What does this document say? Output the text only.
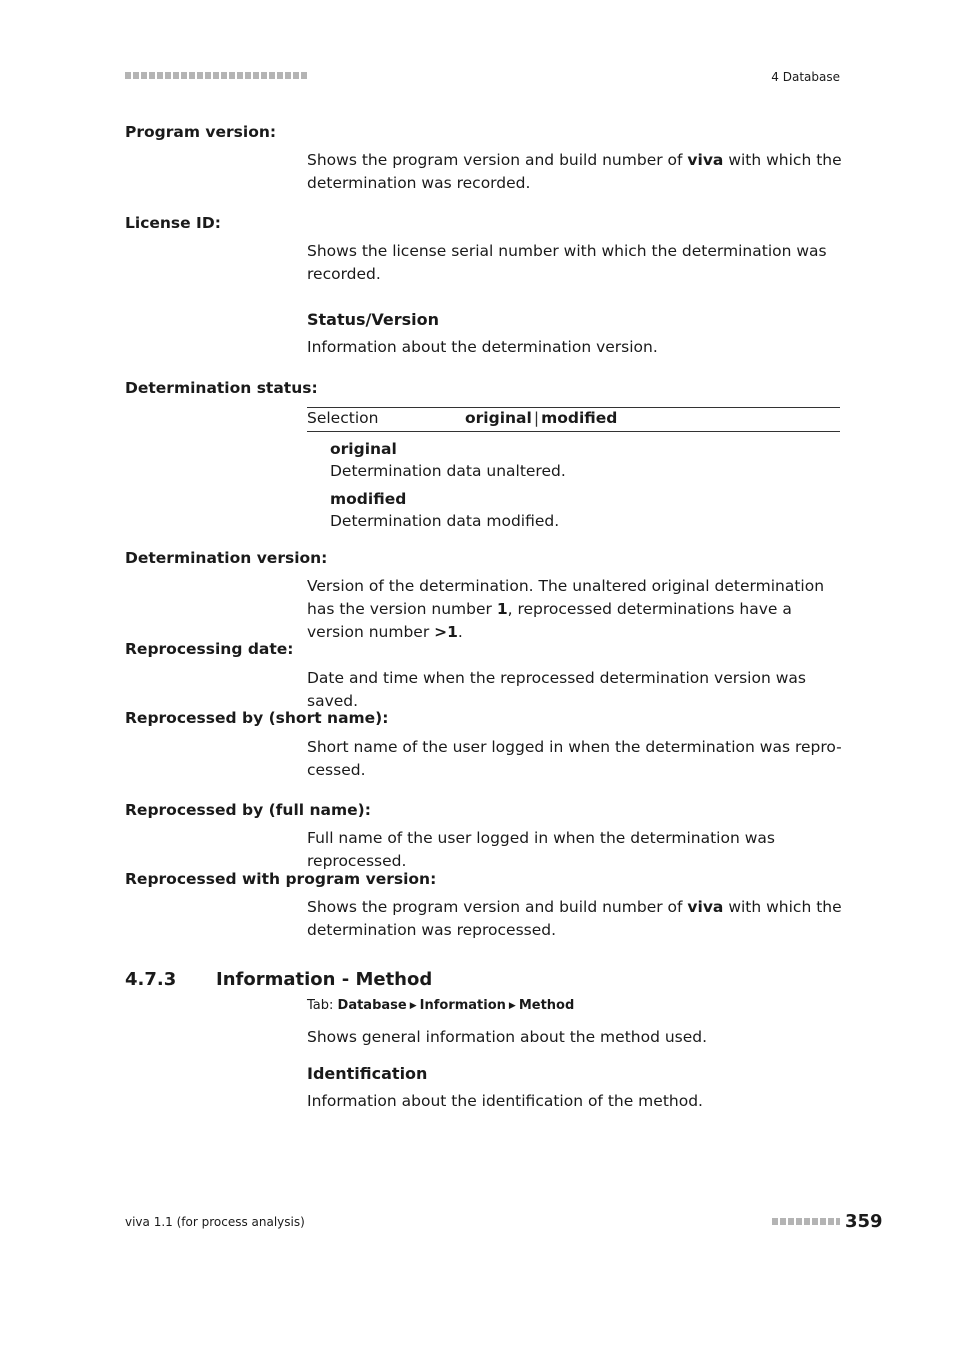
4 Database
Program version:
Shows the program version and build number of viva with which the determination was recorded.
License ID:
Shows the license serial number with which the determination was recorded.
Status/Version
Information about the determination version.
Determination status:
Selection	original | modified
original
Determination data unaltered.
modified
Determination data modified.
Determination version:
Version of the determination. The unaltered original determination has the version number 1, reprocessed determinations have a version number >1.
Reprocessing date:
Date and time when the reprocessed determination version was saved.
Reprocessed by (short name):
Short name of the user logged in when the determination was repro-cessed.
Reprocessed by (full name):
Full name of the user logged in when the determination was reprocessed.
Reprocessed with program version:
Shows the program version and build number of viva with which the determination was reprocessed.
4.7.3 Information - Method
Tab: Database ▶ Information ▶ Method
Shows general information about the method used.
Identification
Information about the identification of the method.
viva 1.1 (for process analysis)	359
